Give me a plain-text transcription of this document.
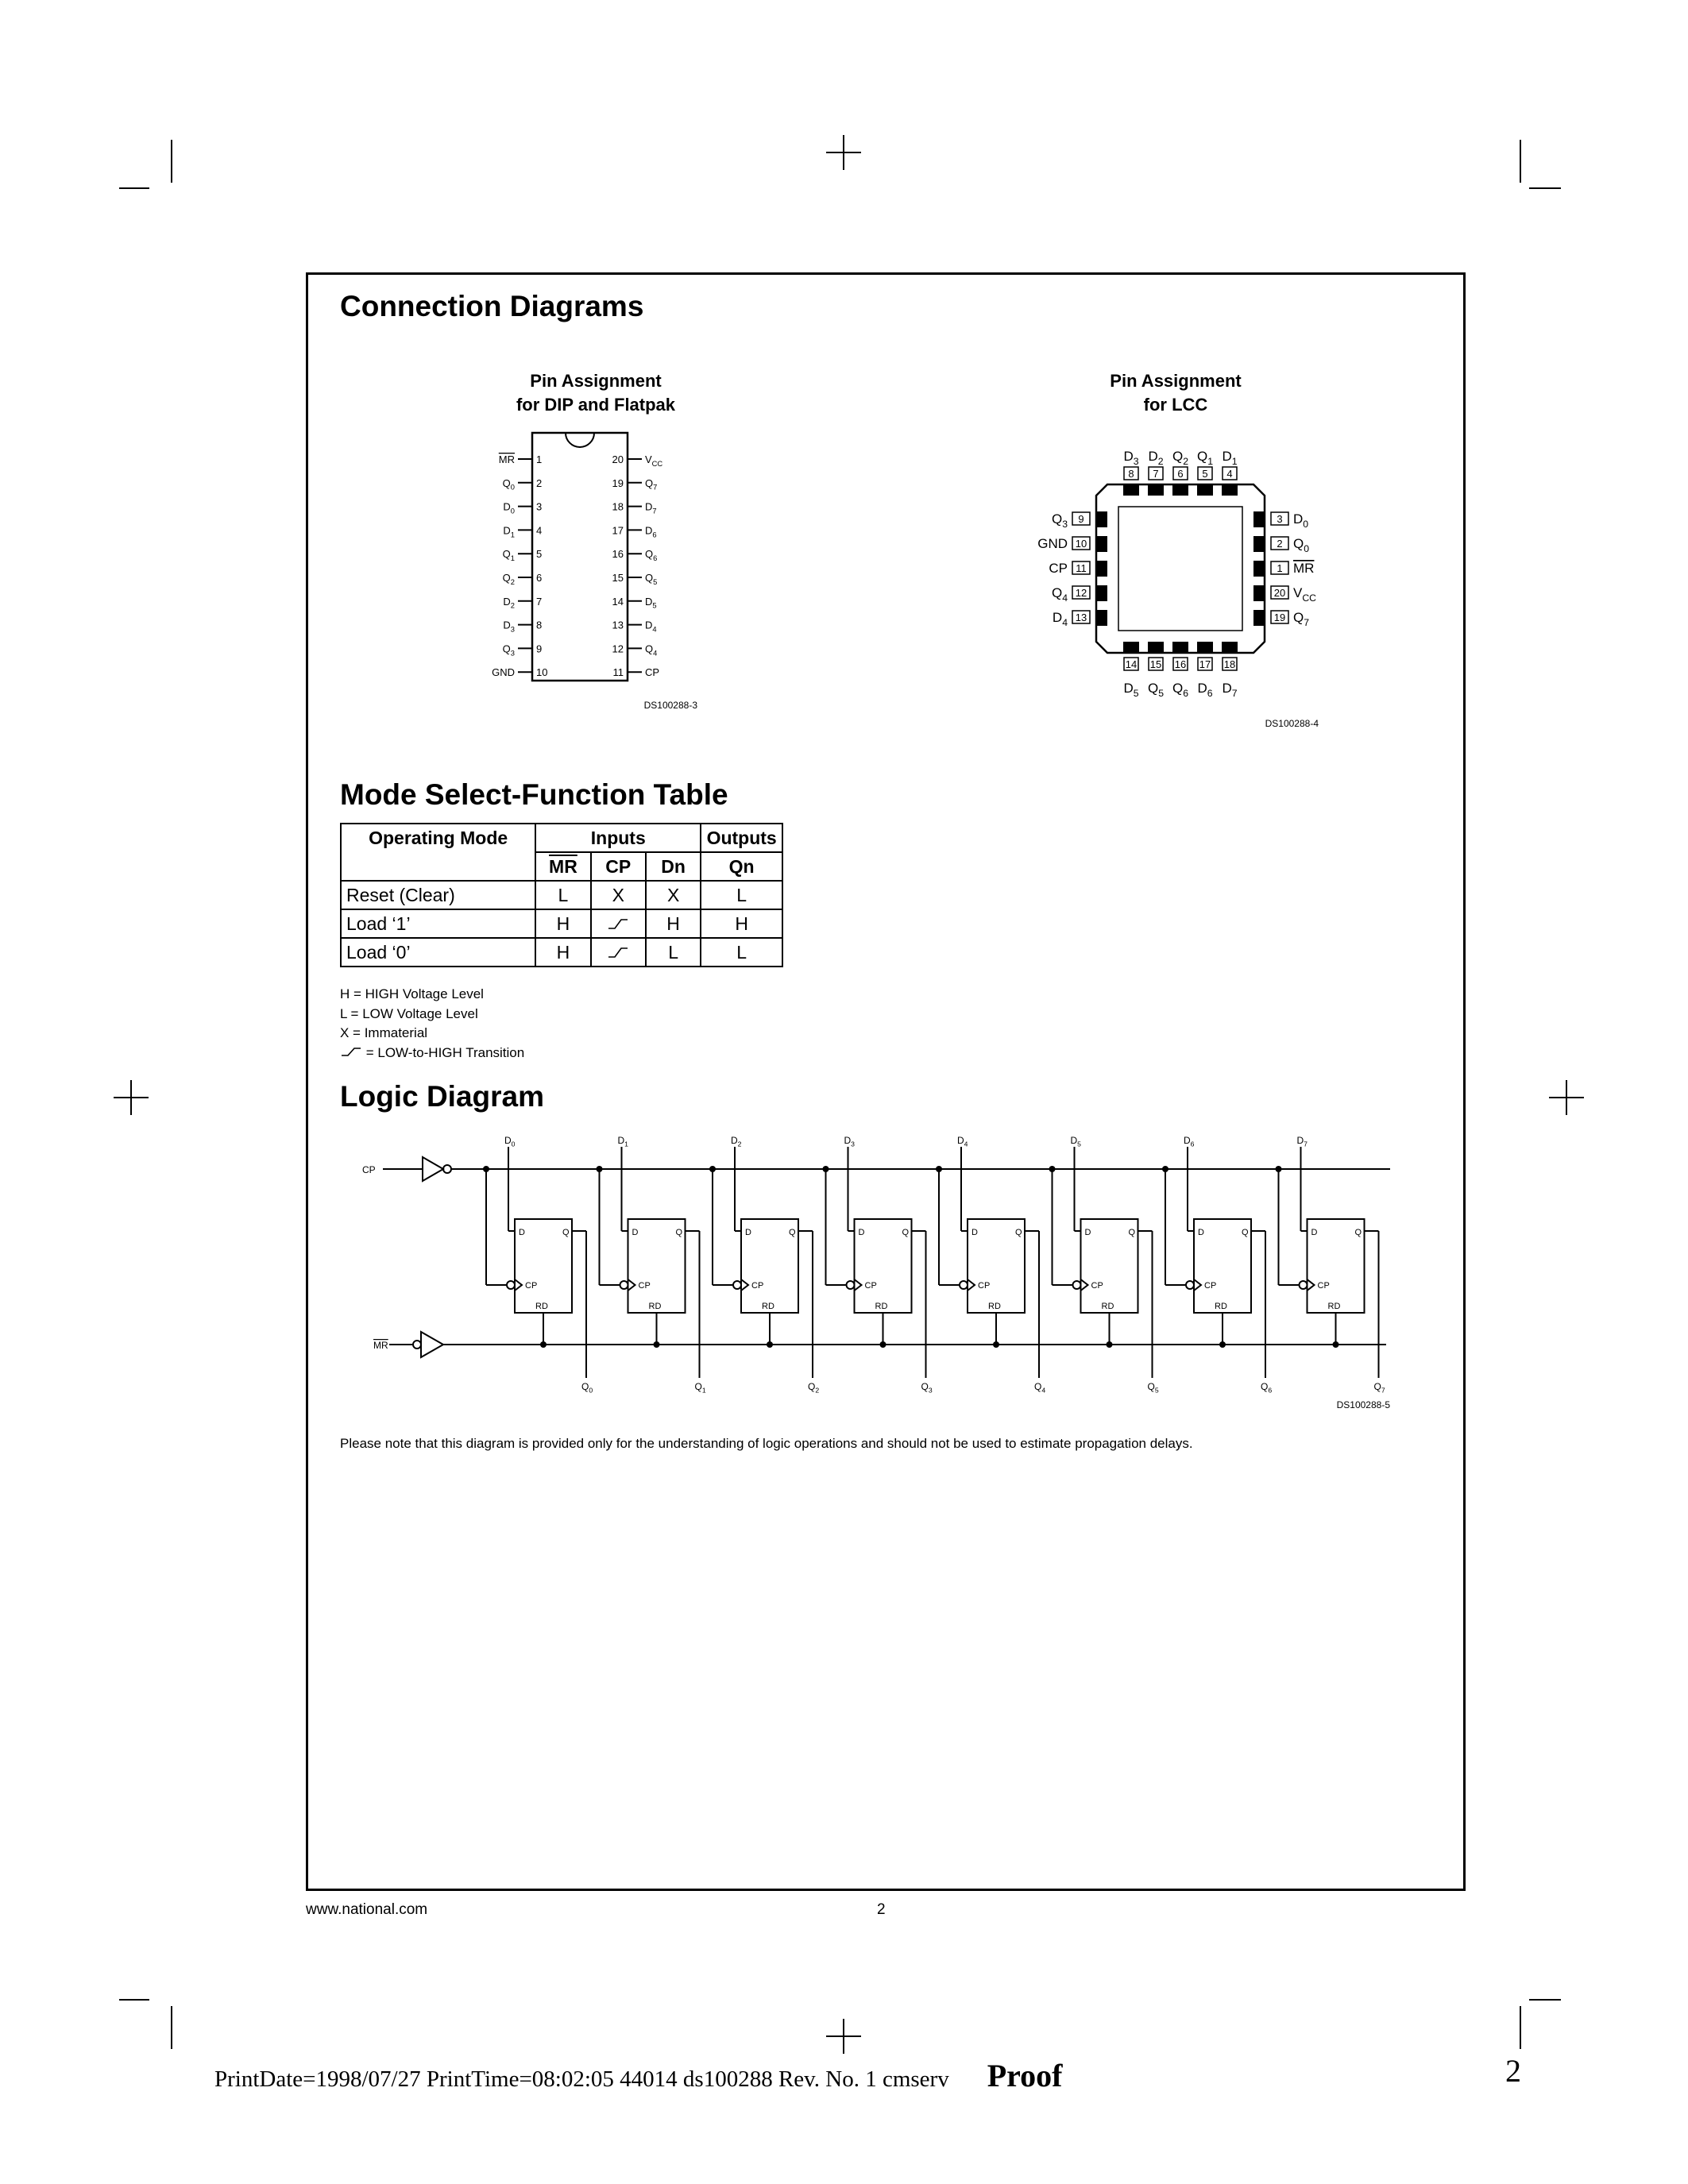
Connection Diagrams
Pin Assignment
for DIP and Flatpak
MR 1
$Q_0$ 2
$D_0$ 3
$D_1$ 4
$Q_1$ 5
$Q_2$ 6
$D_2$ 7
$D_3$ 8
$Q_3$ 9
GND 10
$V_{CC}$
20
$Q_7$
19
$D_7$
18
$D_6$
17
$Q_6$
16
$Q_5$
15
$D_5$
14
$D_4$
13
$Q_4$
12
CP
11
DS100288-3
Pin Assignment
for LCC
8
$D_3$
7
$D_2$
6
$Q_2$
5
$Q_1$
4
$D_1$
14
$D_5$
15
$Q_5$
16
$Q_6$
17
$D_6$
18
$D_7$
9
$Q_3$
10
GND
11
CP
12
$Q_4$
13
$D_4$
3 $D_0$
2 $Q_0$
1 MR
20 $V_{CC}$
19 $Q_7$
DS100288-4
Mode Select-Function Table
Operating Mode	Inputs			Outputs
	$\overline{MR}$	CP	Dn	Qn
Reset (Clear)	L	X	X	L
Load ‘1’	H		H	H
Load ‘0’	H		L	L
H = HIGH Voltage Level
L = LOW Voltage Level
X = Immaterial
= LOW-to-HIGH Transition
Logic Diagram
CP
MR
$D_0$
D	Q
CP
RD
$Q_0$
$D_1$
D	Q
CP
RD
$Q_1$
$D_2$
D	Q
CP
RD
$Q_2$
$D_3$
D	Q
CP
RD
$Q_3$
$D_4$
D	Q
CP
RD
$Q_4$
$D_5$
D	Q
CP
RD
$Q_5$
$D_6$
D	Q
CP
RD
$Q_6$
$D_7$
D	Q
CP
RD
$Q_7$
DS100288-5
Please note that this diagram is provided only for the understanding of logic operations and should not be used to estimate propagation delays.
www.national.com	2
PrintDate=1998/07/27 PrintTime=08:02:05 44014 ds100288 Rev. No. 1 cmserv Proof	2
